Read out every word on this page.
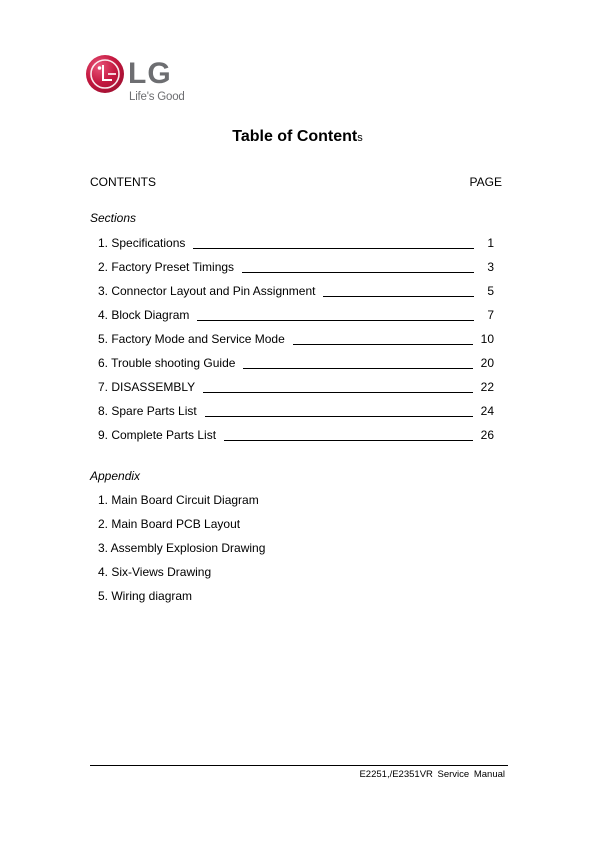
LG
Life's Good
Table of Contents
CONTENTS	PAGE
Sections
1. Specifications	1
2. Factory Preset Timings	3
3. Connector Layout and Pin Assignment	5
4. Block Diagram	7
5. Factory Mode and Service Mode	10
6. Trouble shooting Guide	20
7. DISASSEMBLY	22
8. Spare Parts List	24
9. Complete Parts List	26
Appendix
1. Main Board Circuit Diagram
2. Main Board PCB Layout
3. Assembly Explosion Drawing
4. Six-Views Drawing
5. Wiring diagram
E2251,/E2351VR Service Manual
